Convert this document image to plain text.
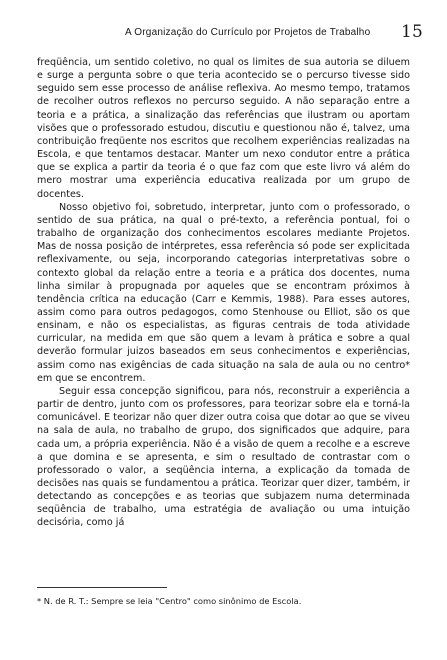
A Organização do Currículo por Projetos de Trabalho 15

freqüência, um sentido coletivo, no qual os limites de sua autoria se diluem e surge a pergunta sobre o que teria acontecido se o percurso tivesse sido seguido sem esse processo de análise reflexiva. Ao mesmo tempo, tratamos de recolher outros reflexos no percurso seguido. A não separação entre a teoria e a prática, a sinalização das referências que ilustram ou aportam visões que o professorado estudou, discutiu e questionou não é, talvez, uma contribuição freqüente nos escritos que recolhem experiências realizadas na Escola, e que tentamos destacar. Manter um nexo condutor entre a prática que se explica a partir da teoria é o que faz com que este livro vá além do mero mostrar uma experiência educativa realizada por um grupo de docentes.

Nosso objetivo foi, sobretudo, interpretar, junto com o professorado, o sentido de sua prática, na qual o pré-texto, a referência pontual, foi o trabalho de organização dos conhecimentos escolares mediante Projetos. Mas de nossa posição de intérpretes, essa referência só pode ser explicitada reflexivamente, ou seja, incorporando categorias interpretativas sobre o contexto global da relação entre a teoria e a prática dos docentes, numa linha similar à propugnada por aqueles que se encontram próximos à tendência crítica na educação (Carr e Kemmis, 1988). Para esses autores, assim como para outros pedagogos, como Stenhouse ou Elliot, são os que ensinam, e não os especialistas, as figuras centrais de toda atividade curricular, na medida em que são quem a levam à prática e sobre a qual deverão formular juizos baseados em seus conhecimentos e experiências, assim como nas exigências de cada situação na sala de aula ou no centro* em que se encontrem.

Seguir essa concepção significou, para nós, reconstruir a experiência a partir de dentro, junto com os professores, para teorizar sobre ela e torná-la comunicável. E teorizar não quer dizer outra coisa que dotar ao que se viveu na sala de aula, no trabalho de grupo, dos significados que adquire, para cada um, a própria experiência. Não é a visão de quem a recolhe e a escreve a que domina e se apresenta, e sim o resultado de contrastar com o professorado o valor, a seqüência interna, a explicação da tomada de decisões nas quais se fundamentou a prática. Teorizar quer dizer, também, ir detectando as concepções e as teorias que subjazem numa determinada seqüência de trabalho, uma estratégia de avaliação ou uma intuição decisória, como já

* N. de R. T.: Sempre se leia "Centro" como sinônimo de Escola.
